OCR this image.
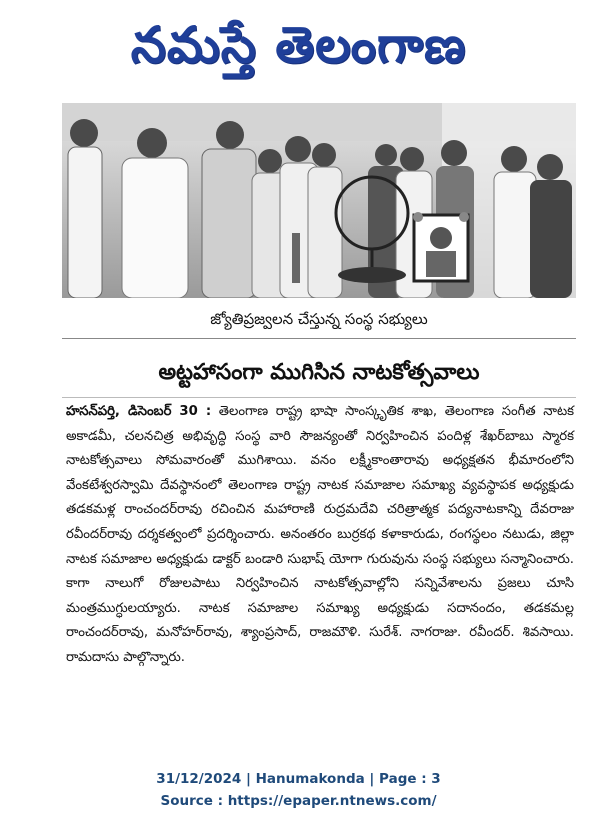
నమస్తే తెలంగాణ
జ్యోతిప్రజ్వలన చేస్తున్న సంస్థ సభ్యులు
అట్టహాసంగా ముగిసిన నాటకోత్సవాలు

హసన్‌పర్తి, డిసెంబర్ 30 : తెలంగాణ రాష్ట్ర భాషా సాంస్కృతిక శాఖ, తెలంగాణ సంగీత నాటక అకాడమీ, చలనచిత్ర అభివృద్ధి సంస్థ వారి సౌజన్యంతో నిర్వహించిన పందిళ్ల శేఖర్‌బాబు స్మారక నాటకోత్సవాలు సోమవారంతో ముగిశాయి. వనం లక్ష్మీకాంతారావు అధ్యక్షతన భీమారంలోని వేంకటేశ్వరస్వామి దేవస్థానంలో తెలంగాణ రాష్ట్ర నాటక సమాజాల సమాఖ్య వ్యవస్థాపక అధ్యక్షుడు తడకమళ్ల రాంచందర్‌రావు రచించిన మహారాణి రుద్రమదేవి చరిత్రాత్మక పద్యనాటకాన్ని దేవరాజు రవీందర్‌రావు దర్శకత్వంలో ప్రదర్శించారు. అనంతరం బుర్రకథ కళాకారుడు, రంగస్థలం నటుడు, జిల్లా నాటక సమాజాల అధ్యక్షుడు డాక్టర్ బండారి సుభాష్ యోగా గురువును సంస్థ సభ్యులు సన్మానించారు. కాగా నాలుగో రోజులపాటు నిర్వహించిన నాటకోత్సవాల్లోని సన్నివేశాలను ప్రజలు చూసి మంత్రముగ్ధులయ్యారు. నాటక సమాజాల సమాఖ్య అధ్యక్షుడు సదానందం, తడకమల్ల రాంచందర్‌రావు, మనోహర్‌రావు, శ్యాంప్రసాద్, రాజమౌళి. సురేశ్. నాగరాజు. రవీందర్. శివసాయి. రామదాసు పాల్గొన్నారు.

31/12/2024 | Hanumakonda | Page : 3
Source : https://epaper.ntnews.com/
